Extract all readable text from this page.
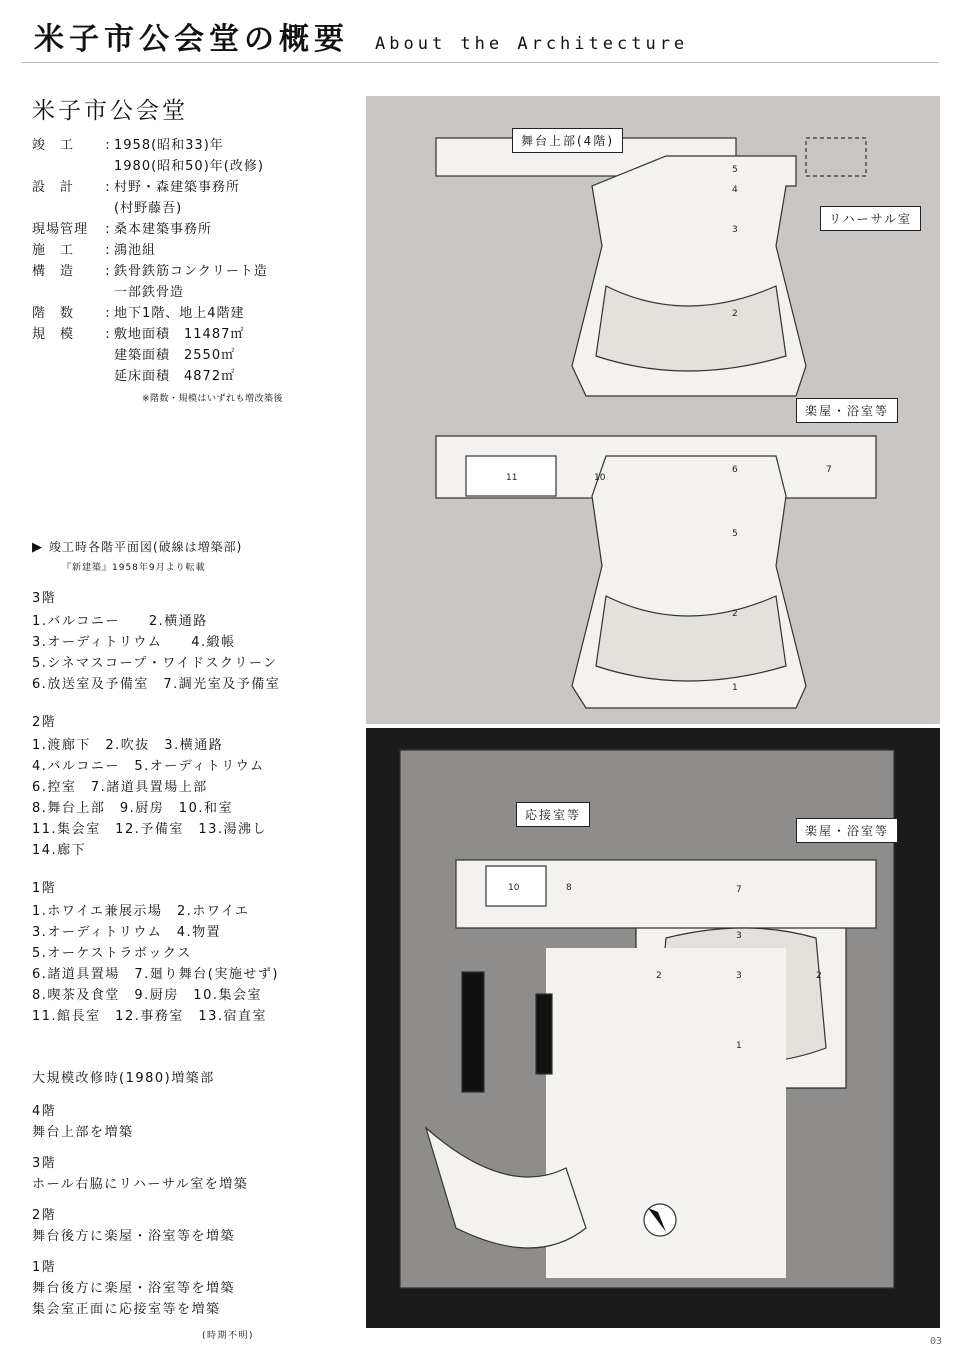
米子市公会堂の概要 About the Architecture
米子市公会堂
竣　工	: 1958(昭和33)年
1980(昭和50)年(改修)
設　計	: 村野・森建築事務所
(村野藤吾)
現場管理	: 桑本建築事務所
施　工	: 鴻池組
構　造	: 鉄骨鉄筋コンクリート造
一部鉄骨造
階　数	: 地下1階、地上4階建
規　模	: 敷地面積　11487㎡
建築面積　2550㎡
延床面積　4872㎡
※階数・規模はいずれも増改築後
▶ 竣工時各階平面図(破線は増築部)
『新建築』1958年9月より転載
3階
1.バルコニー　　2.横通路
3.オーディトリウム　　4.緞帳
5.シネマスコープ・ワイドスクリーン
6.放送室及予備室　7.調光室及予備室
2階
1.渡廊下　2.吹抜　3.横通路
4.バルコニー　5.オーディトリウム
6.控室　7.諸道具置場上部
8.舞台上部　9.厨房　10.和室
11.集会室　12.予備室　13.湯沸し
14.廊下
1階
1.ホワイエ兼展示場　2.ホワイエ
3.オーディトリウム　4.物置
5.オーケストラボックス
6.諸道具置場　7.廻り舞台(実施せず)
8.喫茶及食堂　9.厨房　10.集会室
11.館長室　12.事務室　13.宿直室
大規模改修時(1980)増築部
4階
舞台上部を増築
3階
ホール右脇にリハーサル室を増築
2階
舞台後方に楽屋・浴室等を増築
1階
舞台後方に楽屋・浴室等を増築
集会室正面に応接室等を増築
(時期不明)
5
4
3
2
11	10
6	7
5
2
1
舞台上部(4階)
リハーサル室
楽屋・浴室等
10	8	7
3
3
1
2	2
応接室等
楽屋・浴室等
03
